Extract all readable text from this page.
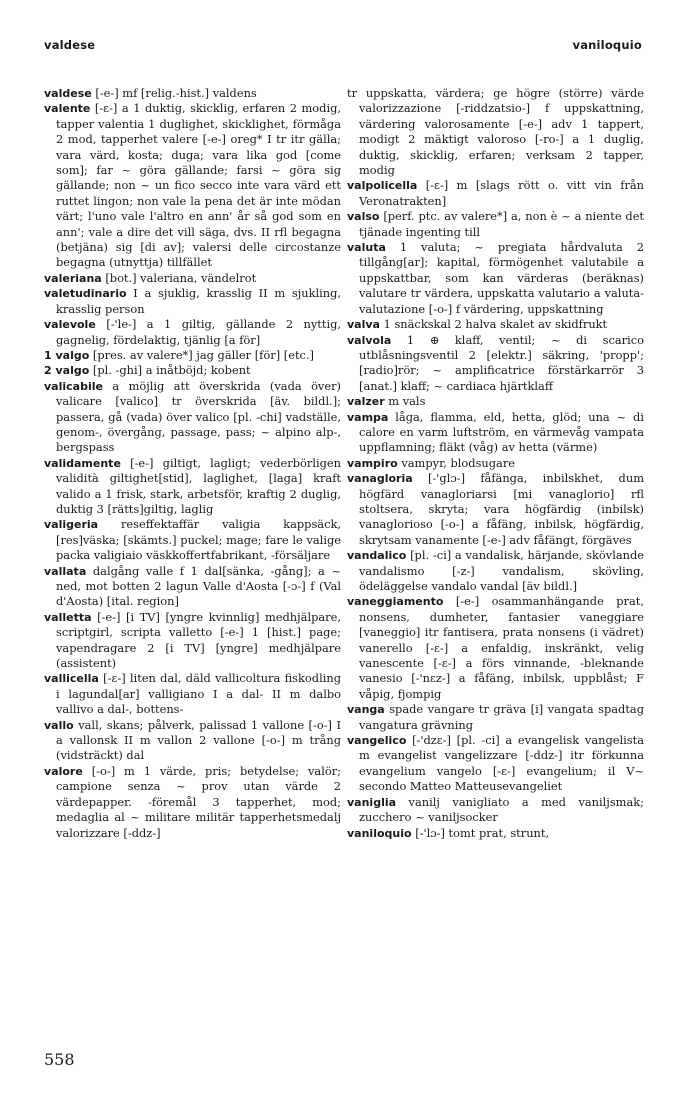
valdese	vaniloquio

valdese [-e-] mf [relig.-hist.] valdens

valente [-ɛ-] a 1 duktig, skicklig, erfaren 2 modig, tapper valentia 1 duglighet, skicklighet, förmåga 2 mod, tapperhet valere [-e-] oreg* I tr itr gälla; vara värd, kosta; duga; vara lika god [come som]; far ~ göra gällande; farsi ~ göra sig gällande; non ~ un fico secco inte vara värd ett ruttet lingon; non vale la pena det är inte mödan värt; l'uno vale l'altro en ann' år så god som en ann'; vale a dire det vill säga, dvs. II rfl begagna (betjäna) sig [di av]; valersi delle circostanze begagna (utnyttja) tillfället

valeriana [bot.] valeriana, vändelrot

valetudinario I a sjuklig, krasslig II m sjukling, krasslig person

valevole [-'le-] a 1 giltig, gällande 2 nyttig, gagnelig, fördelaktig, tjänlig [a för]

1 valgo [pres. av valere*] jag gäller [för] [etc.]

2 valgo [pl. -ghi] a inåtböjd; kobent

valicabile a möjlig att överskrida (vada över) valicare [valico] tr överskrida [äv. bildl.]; passera, gå (vada) över valico [pl. -chi] vadställe, genom-, övergång, passage, pass; ~ alpino alp-, bergspass

validamente [-e-] giltigt, lagligt; vederbörligen validità giltighet[stid], laglighet, [laga] kraft valido a 1 frisk, stark, arbetsför, kraftig 2 duglig, duktig 3 [rätts]giltig, laglig

valigeria reseffektaffär valigia kappsäck, [res]väska; [skämts.] puckel; mage; fare le valige packa valigiaio väskkoffertfabrikant, -försäljare

vallata dalgång valle f 1 dal[sänka, -gång]; a ~ ned, mot botten 2 lagun Valle d'Aosta [-ɔ-] f (Val d'Aosta) [ital. region]

valletta [-e-] [i TV] [yngre kvinnlig] medhjälpare, scriptgirl, scripta valletto [-e-] 1 [hist.] page; vapendragare 2 [i TV] [yngre] medhjälpare (assistent)

vallicella [-ɛ-] liten dal, däld vallicoltura fiskodling i lagundal[ar] valligiano I a dal- II m dalbo vallivo a dal-, bottens-

vallo vall, skans; pålverk, palissad 1 vallone [-o-] I a vallonsk II m vallon 2 vallone [-o-] m trång (vidsträckt) dal

valore [-o-] m 1 värde, pris; betydelse; valör; campione senza ~ prov utan värde 2 värdepapper. -föremål 3 tapperhet, mod; medaglia al ~ militare militär tapperhetsmedalj valorizzare [-ddz-]

tr uppskatta, värdera; ge högre (större) värde valorizzazione [-riddzatsio-] f uppskattning, värdering valorosamente [-e-] adv 1 tappert, modigt 2 mäktigt valoroso [-ro-] a 1 duglig, duktig, skicklig, erfaren; verksam 2 tapper, modig

valpolicella [-ɛ-] m [slags rött o. vitt vin från Veronatrakten]

valso [perf. ptc. av valere*] a, non è ~ a niente det tjänade ingenting till

valuta 1 valuta; ~ pregiata hårdvaluta 2 tillgång[ar]; kapital, förmögenhet valutabile a uppskattbar, som kan värderas (beräknas) valutare tr värdera, uppskatta valutario a valuta- valutazione [-o-] f värdering, uppskattning

valva 1 snäckskal 2 halva skalet av skidfrukt

valvola 1 ⊕ klaff, ventil; ~ di scarico utblåsningsventil 2 [elektr.] säkring, 'propp'; [radio]rör; ~ amplificatrice förstärkarrör 3 [anat.] klaff; ~ cardiaca hjärtklaff

valzer m vals

vampa låga, flamma, eld, hetta, glöd; una ~ di calore en varm luftström, en värmevåg vampata uppflamning; fläkt (våg) av hetta (värme)

vampiro vampyr, blodsugare

vanagloria [-'glɔ-] fåfänga, inbilskhet, dum högfärd vanagloriarsi [mi vanaglorio] rfl stoltsera, skryta; vara högfärdig (inbilsk) vanaglorioso [-o-] a fåfäng, inbilsk, högfärdig, skrytsam vanamente [-e-] adv fåfängt, förgäves

vandalico [pl. -ci] a vandalisk, härjande, skövlande vandalismo [-z-] vandalism, skövling, ödeläggelse vandalo vandal [äv bildl.]

vaneggiamento [-e-] osammanhängande prat, nonsens, dumheter, fantasier vaneggiare [vaneggio] itr fantisera, prata nonsens (i vädret) vanerello [-ɛ-] a enfaldig, inskränkt, velig vanescente [-ɛ-] a förs vinnande, -bleknande vanesio [-'nɛz-] a fåfäng, inbilsk, uppblåst; F våpig, fjompig

vanga spade vangare tr gräva [i] vangata spadtag vangatura grävning

vangelico [-'dzɛ-] [pl. -ci] a evangelisk vangelista m evangelist vangelizzare [-ddz-] itr förkunna evangelium vangelo [-ɛ-] evangelium; il V~ secondo Matteo Matteusevangeliet

vaniglia vanilj vanigliato a med vaniljsmak; zucchero ~ vaniljsocker

vaniloquio [-'lɔ-] tomt prat, strunt,

558
